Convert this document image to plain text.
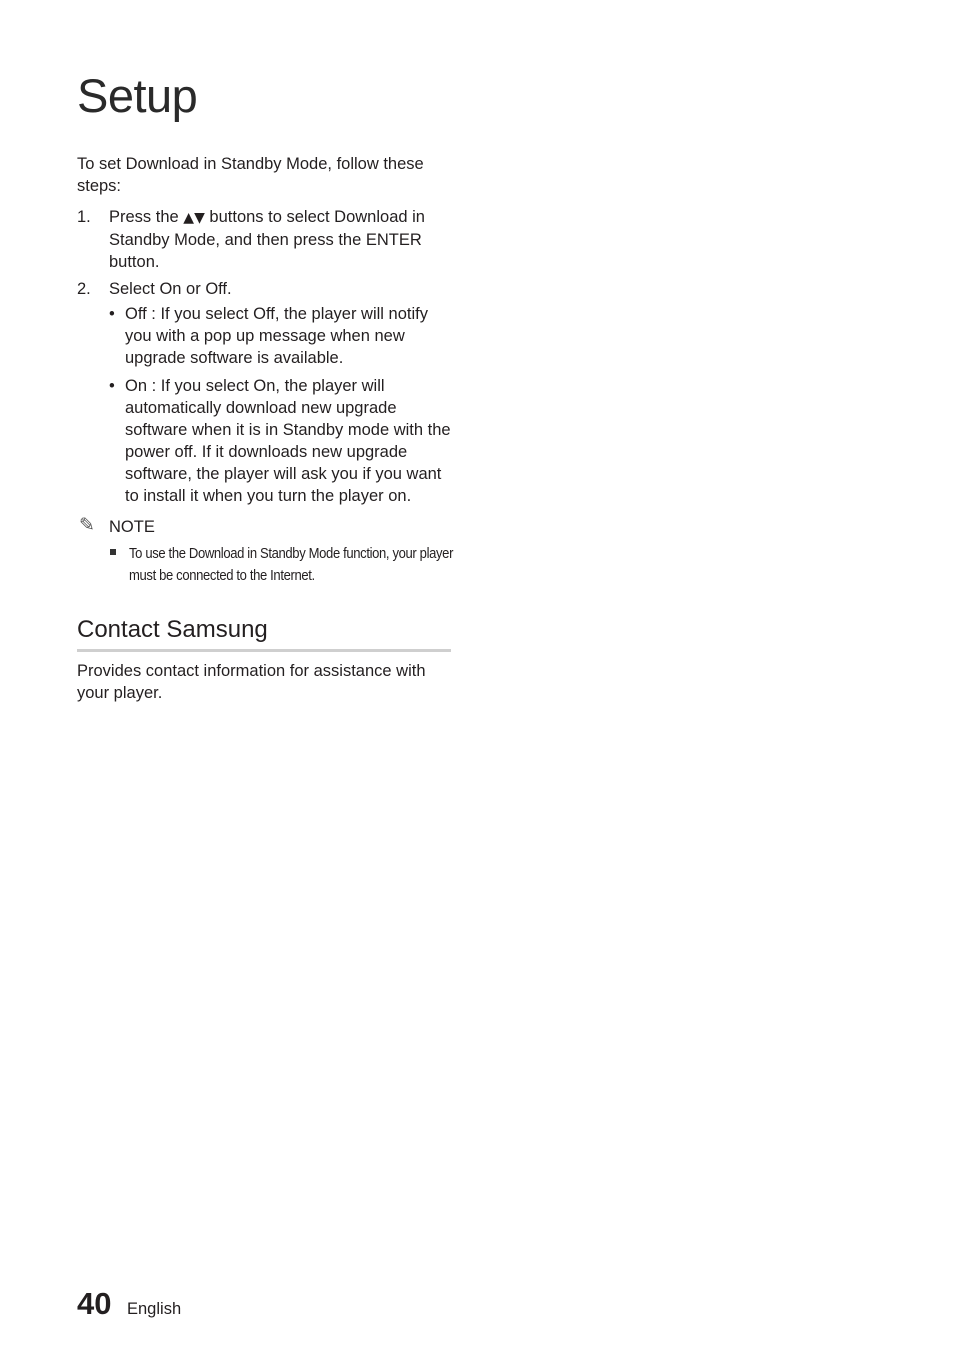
Setup
To set Download in Standby Mode, follow these steps:
1. Press the ▲▼ buttons to select Download in Standby Mode, and then press the ENTER button.
2. Select On or Off.
• Off : If you select Off, the player will notify you with a pop up message when new upgrade software is available.
• On : If you select On, the player will automatically download new upgrade software when it is in Standby mode with the power off. If it downloads new upgrade software, the player will ask you if you want to install it when you turn the player on.
✎ NOTE
To use the Download in Standby Mode function, your player must be connected to the Internet.
Contact Samsung
Provides contact information for assistance with your player.
40 English
